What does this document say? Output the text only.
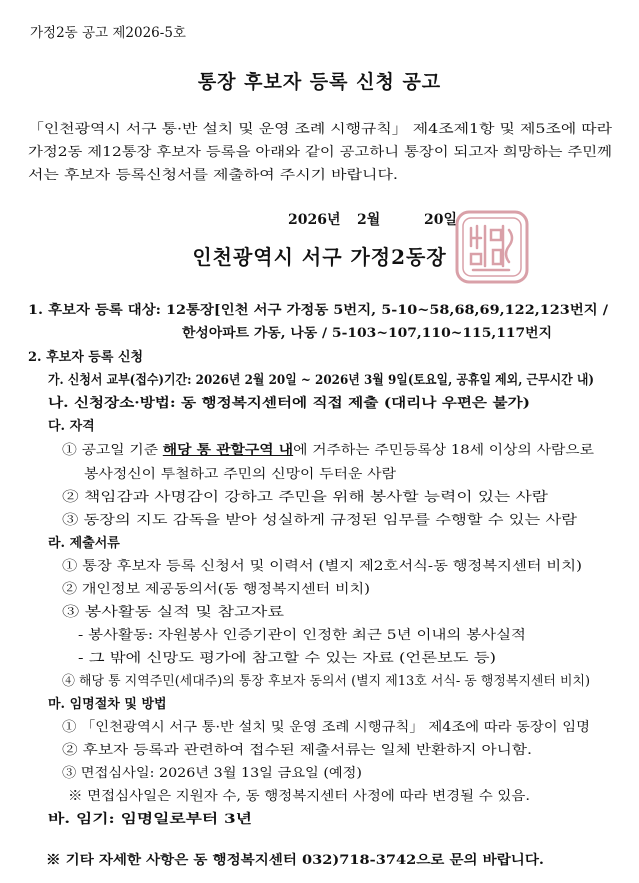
가정2동 공고 제2026-5호
통장 후보자 등록 신청 공고
「인천광역시 서구 통·반 설치 및 운영 조례 시행규칙」 제4조제1항 및 제5조에 따라
가정2동 제12통장 후보자 등록을 아래와 같이 공고하니 통장이 되고자 희망하는 주민께
서는 후보자 등록신청서를 제출하여 주시기 바랍니다.
2026년 2월	20일
인천광역시 서구 가정2동장
1. 후보자 등록 대상: 12통장[인천 서구 가정동 5번지, 5-10~58,68,69,122,123번지 /
한성아파트 가동, 나동 / 5-103~107,110~115,117번지
2. 후보자 등록 신청
가. 신청서 교부(접수)기간: 2026년 2월 20일 ~ 2026년 3월 9일(토요일, 공휴일 제외, 근무시간 내)
나. 신청장소·방법: 동 행정복지센터에 직접 제출 (대리나 우편은 불가)
다. 자격
① 공고일 기준 해당 통 관할구역 내에 거주하는 주민등록상 18세 이상의 사람으로
봉사정신이 투철하고 주민의 신망이 두터운 사람
② 책임감과 사명감이 강하고 주민을 위해 봉사할 능력이 있는 사람
③ 동장의 지도 감독을 받아 성실하게 규정된 임무를 수행할 수 있는 사람
라. 제출서류
① 통장 후보자 등록 신청서 및 이력서 (별지 제2호서식-동 행정복지센터 비치)
② 개인정보 제공동의서(동 행정복지센터 비치)
③ 봉사활동 실적 및 참고자료
- 봉사활동: 자원봉사 인증기관이 인정한 최근 5년 이내의 봉사실적
- 그 밖에 신망도 평가에 참고할 수 있는 자료 (언론보도 등)
④ 해당 통 지역주민(세대주)의 통장 후보자 동의서 (별지 제13호 서식- 동 행정복지센터 비치)
마. 임명절차 및 방법
① 「인천광역시 서구 통·반 설치 및 운영 조례 시행규칙」 제4조에 따라 동장이 임명
② 후보자 등록과 관련하여 접수된 제출서류는 일체 반환하지 아니함.
③ 면접심사일: 2026년 3월 13일 금요일 (예정)
※ 면접심사일은 지원자 수, 동 행정복지센터 사정에 따라 변경될 수 있음.
바. 임기: 임명일로부터 3년
※ 기타 자세한 사항은 동 행정복지센터 032)718-3742으로 문의 바랍니다.
